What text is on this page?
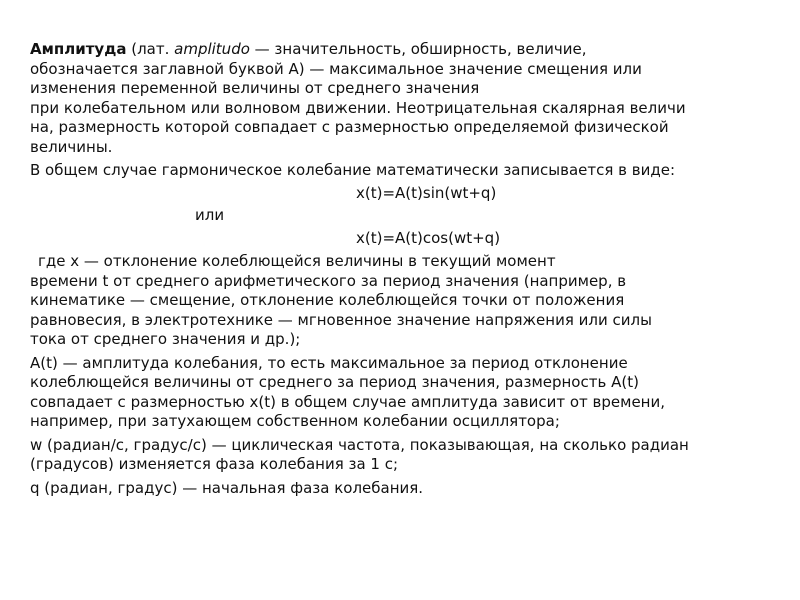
Амплитуда (лат. amplitudo — значительность, обширность, величие,
обозначается заглавной буквой А) — максимальное значение смещения или
изменения переменной величины от среднего значения
при колебательном или волновом движении. Неотрицательная скалярная величи
на, размерность которой совпадает с размерностью определяемой физической
величины.

В общем случае гармоническое колебание математически записывается в виде:

x(t)=A(t)sin(wt+q)

или

x(t)=A(t)cos(wt+q)

где x — отклонение колеблющейся величины в текущий момент
времени t от среднего арифметического за период значения (например, в
кинематике — смещение, отклонение колеблющейся точки от положения
равновесия, в электротехнике — мгновенное значение напряжения или силы
тока от среднего значения и др.);

A(t) — амплитуда колебания, то есть максимальное за период отклонение
колеблющейся величины от среднего за период значения, размерность A(t)
совпадает с размерностью x(t) в общем случае амплитуда зависит от времени,
например, при затухающем собственном колебании осциллятора;

w (радиан/с, градус/с) — циклическая частота, показывающая, на сколько радиан
(градусов) изменяется фаза колебания за 1 с;

q (радиан, градус) — начальная фаза колебания.
